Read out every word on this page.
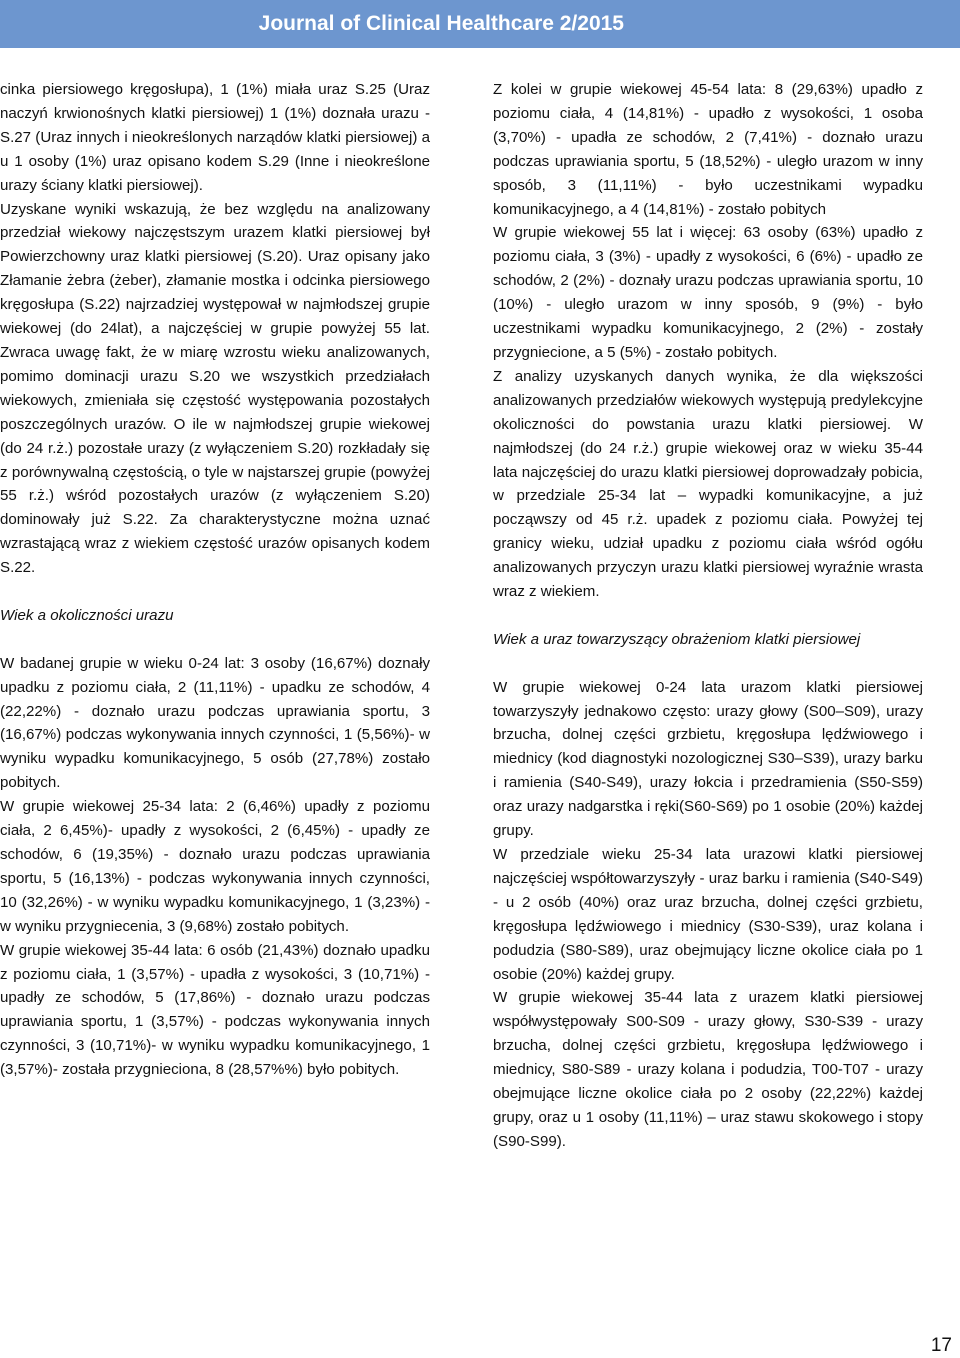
Journal of Clinical Healthcare 2/2015

cinka piersiowego kręgosłupa), 1 (1%) miała uraz S.25 (Uraz naczyń krwionośnych klatki piersiowej) 1 (1%) doznała urazu - S.27 (Uraz innych i nieokreślonych narządów klatki piersiowej) a u 1 osoby (1%) uraz opisano kodem S.29 (Inne i nieokreślone urazy ściany klatki piersiowej).

Uzyskane wyniki wskazują, że bez względu na analizowany przedział wiekowy najczęstszym urazem klatki piersiowej był Powierzchowny uraz klatki piersiowej (S.20). Uraz opisany jako Złamanie żebra (żeber), złamanie mostka i odcinka piersiowego kręgosłupa (S.22) najrzadziej występował w najmłodszej grupie wiekowej (do 24lat), a najczęściej w grupie powyżej 55 lat. Zwraca uwagę fakt, że w miarę wzrostu wieku analizowanych, pomimo dominacji urazu S.20 we wszystkich przedziałach wiekowych, zmieniała się częstość występowania pozostałych poszczególnych urazów. O ile w najmłodszej grupie wiekowej (do 24 r.ż.) pozostałe urazy (z wyłączeniem S.20) rozkładały się z porównywalną częstością, o tyle w najstarszej grupie (powyżej 55 r.ż.) wśród pozostałych urazów (z wyłączeniem S.20) dominowały już S.22. Za charakterystyczne można uznać wzrastającą wraz z wiekiem częstość urazów opisanych kodem S.22.

Wiek a okoliczności urazu

W badanej grupie w wieku 0-24 lat: 3 osoby (16,67%) doznały upadku z poziomu ciała, 2 (11,11%) - upadku ze schodów, 4 (22,22%) - doznało urazu podczas uprawiania sportu, 3 (16,67%) podczas wykonywania innych czynności, 1 (5,56%)- w wyniku wypadku komunikacyjnego, 5 osób (27,78%) zostało pobitych.

W grupie wiekowej 25-34 lata: 2 (6,46%) upadły z poziomu ciała, 2 6,45%)- upadły z wysokości, 2 (6,45%) - upadły ze schodów, 6 (19,35%) - doznało urazu podczas uprawiania sportu, 5 (16,13%) - podczas wykonywania innych czynności, 10 (32,26%) - w wyniku wypadku komunikacyjnego, 1 (3,23%) - w wyniku przygniecenia, 3 (9,68%) zostało pobitych.

W grupie wiekowej 35-44 lata: 6 osób (21,43%) doznało upadku z poziomu ciała, 1 (3,57%) - upadła z wysokości, 3 (10,71%) - upadły ze schodów, 5 (17,86%) - doznało urazu podczas uprawiania sportu, 1 (3,57%) - podczas wykonywania innych czynności, 3 (10,71%)- w wyniku wypadku komunikacyjnego, 1 (3,57%)- została przygnieciona, 8 (28,57%%) było pobitych.

Z kolei w grupie wiekowej 45-54 lata: 8 (29,63%) upadło z poziomu ciała, 4 (14,81%) - upadło z wysokości, 1 osoba (3,70%) - upadła ze schodów, 2 (7,41%) - doznało urazu podczas uprawiania sportu, 5 (18,52%) - uległo urazom w inny sposób, 3 (11,11%) - było uczestnikami wypadku komunikacyjnego, a 4 (14,81%) - zostało pobitych

W grupie wiekowej 55 lat i więcej: 63 osoby (63%) upadło z poziomu ciała, 3 (3%) - upadły z wysokości, 6 (6%) - upadło ze schodów, 2 (2%) - doznały urazu podczas uprawiania sportu, 10 (10%) - uległo urazom w inny sposób, 9 (9%) - było uczestnikami wypadku komunikacyjnego, 2 (2%) - zostały przygniecione, a 5 (5%) - zostało pobitych.

Z analizy uzyskanych danych wynika, że dla większości analizowanych przedziałów wiekowych występują predylekcyjne okoliczności do powstania urazu klatki piersiowej. W najmłodszej (do 24 r.ż.) grupie wiekowej oraz w wieku 35-44 lata najczęściej do urazu klatki piersiowej doprowadzały pobicia, w przedziale 25-34 lat – wypadki komunikacyjne, a już począwszy od 45 r.ż. upadek z poziomu ciała. Powyżej tej granicy wieku, udział upadku z poziomu ciała wśród ogółu analizowanych przyczyn urazu klatki piersiowej wyraźnie wrasta wraz z wiekiem.

Wiek a uraz towarzyszący obrażeniom klatki piersiowej

W grupie wiekowej 0-24 lata urazom klatki piersiowej towarzyszyły jednakowo często: urazy głowy (S00–S09), urazy brzucha, dolnej części grzbietu, kręgosłupa lędźwiowego i miednicy (kod diagnostyki nozologicznej S30–S39), urazy barku i ramienia (S40-S49), urazy łokcia i przedramienia (S50-S59) oraz urazy nadgarstka i ręki(S60-S69) po 1 osobie (20%) każdej grupy.

W przedziale wieku 25-34 lata urazowi klatki piersiowej najczęściej współtowarzyszyły - uraz barku i ramienia (S40-S49) - u 2 osób (40%) oraz uraz brzucha, dolnej części grzbietu, kręgosłupa lędźwiowego i miednicy (S30-S39), uraz kolana i podudzia (S80-S89), uraz obejmujący liczne okolice ciała po 1 osobie (20%) każdej grupy.

W grupie wiekowej 35-44 lata z urazem klatki piersiowej współwystępowały S00-S09 - urazy głowy, S30-S39 - urazy brzucha, dolnej części grzbietu, kręgosłupa lędźwiowego i miednicy, S80-S89 - urazy kolana i podudzia, T00-T07 - urazy obejmujące liczne okolice ciała po 2 osoby (22,22%) każdej grupy, oraz u 1 osoby (11,11%) – uraz stawu skokowego i stopy (S90-S99).

17
